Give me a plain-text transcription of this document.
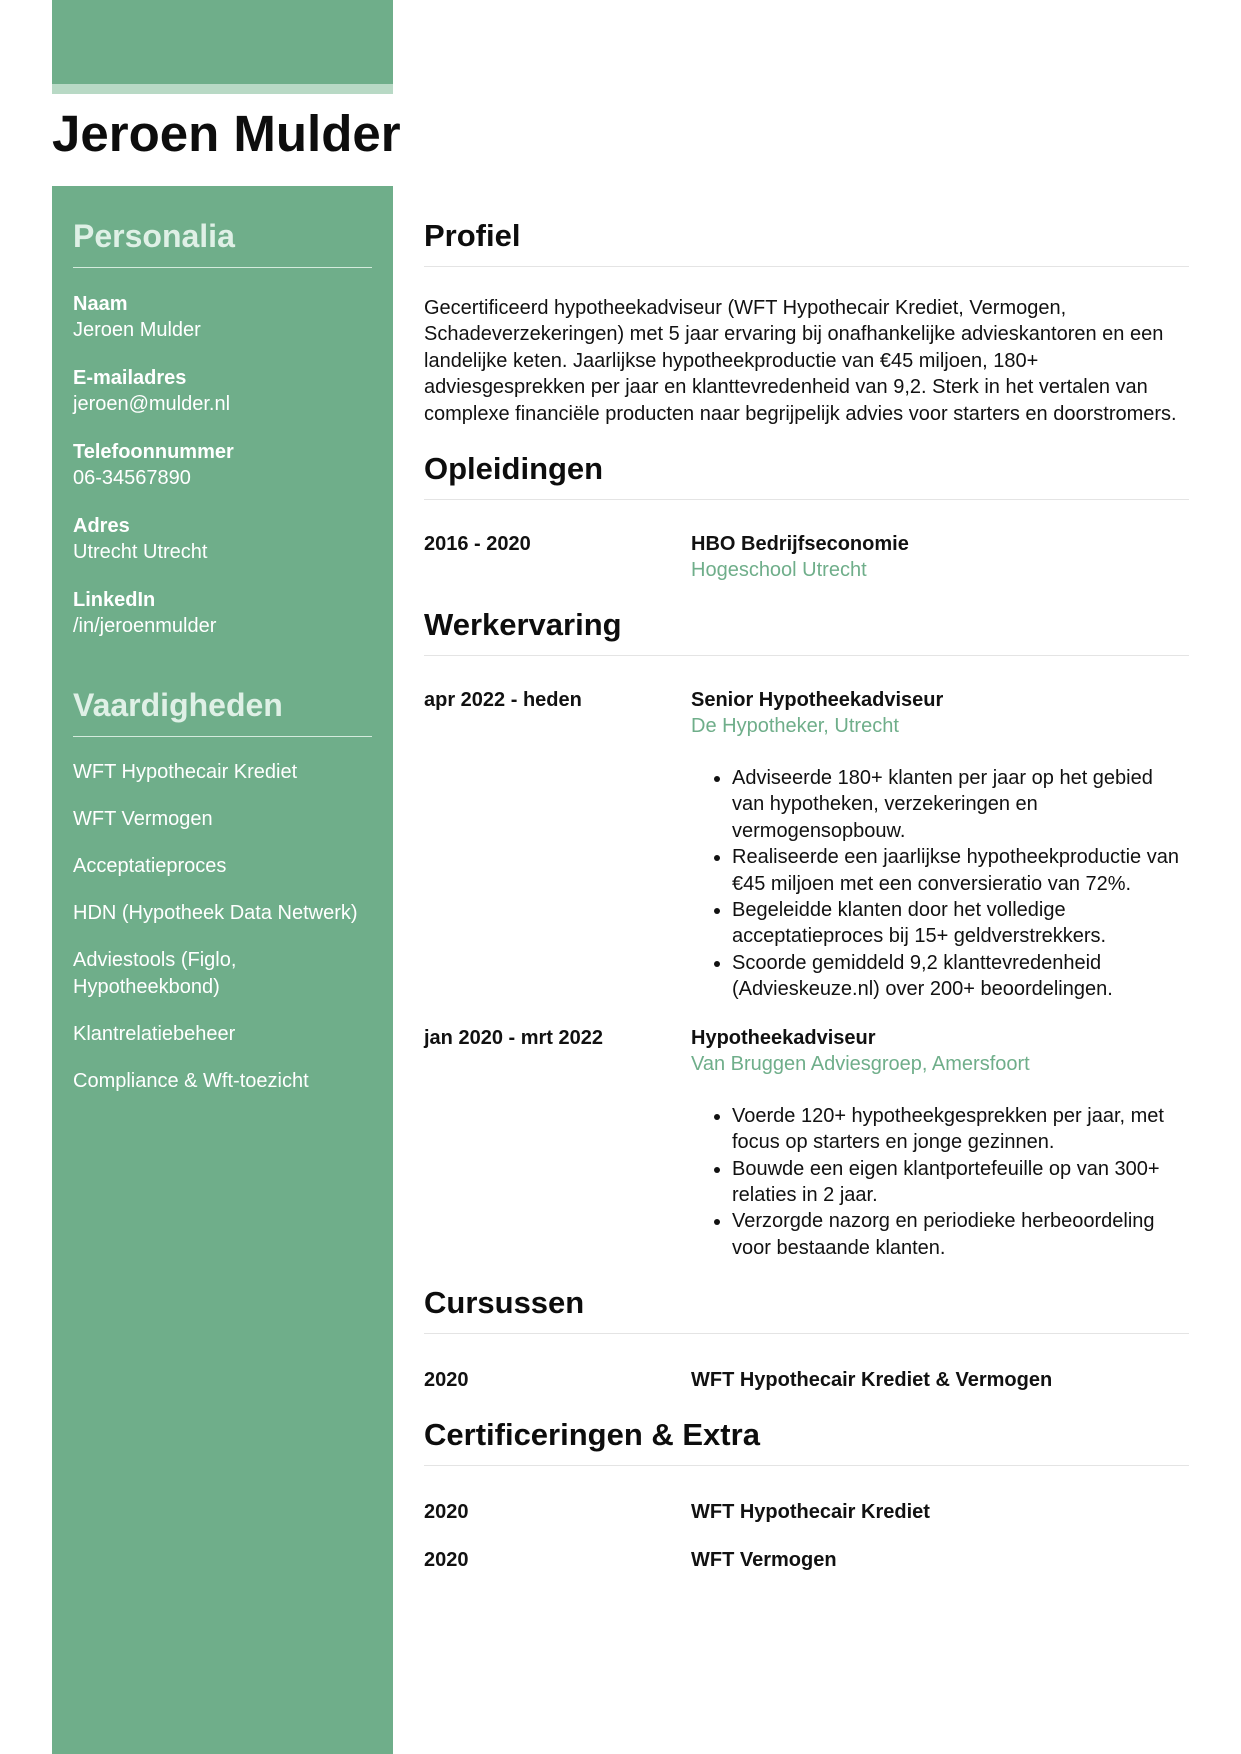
Jeroen Mulder
Personalia
Naam
Jeroen Mulder
E-mailadres
jeroen@mulder.nl
Telefoonnummer
06-34567890
Adres
Utrecht Utrecht
LinkedIn
/in/jeroenmulder
Vaardigheden
WFT Hypothecair Krediet
WFT Vermogen
Acceptatieproces
HDN (Hypotheek Data Netwerk)
Adviestools (Figlo, Hypotheekbond)
Klantrelatiebeheer
Compliance & Wft-toezicht
Profiel

Gecertificeerd hypotheekadviseur (WFT Hypothecair Krediet, Vermogen, Schadeverzekeringen) met 5 jaar ervaring bij onafhankelijke advieskantoren en een landelijke keten. Jaarlijkse hypotheekproductie van €45 miljoen, 180+ adviesgesprekken per jaar en klanttevredenheid van 9,2. Sterk in het vertalen van complexe financiële producten naar begrijpelijk advies voor starters en doorstromers.

Opleidingen
2016 - 2020	HBO Bedrijfseconomie
Hogeschool Utrecht
Werkervaring
apr 2022 - heden	Senior Hypotheekadviseur
De Hypotheker, Utrecht
• Adviseerde 180+ klanten per jaar op het gebied van hypotheken, verzekeringen en vermogensopbouw.
• Realiseerde een jaarlijkse hypotheekproductie van €45 miljoen met een conversieratio van 72%.
• Begeleidde klanten door het volledige acceptatieproces bij 15+ geldverstrekkers.
• Scoorde gemiddeld 9,2 klanttevredenheid (Advieskeuze.nl) over 200+ beoordelingen.
jan 2020 - mrt 2022	Hypotheekadviseur
Van Bruggen Adviesgroep, Amersfoort
• Voerde 120+ hypotheekgesprekken per jaar, met focus op starters en jonge gezinnen.
• Bouwde een eigen klantportefeuille op van 300+ relaties in 2 jaar.
• Verzorgde nazorg en periodieke herbeoordeling voor bestaande klanten.
Cursussen
2020	WFT Hypothecair Krediet & Vermogen
Certificeringen & Extra
2020	WFT Hypothecair Krediet
2020	WFT Vermogen
